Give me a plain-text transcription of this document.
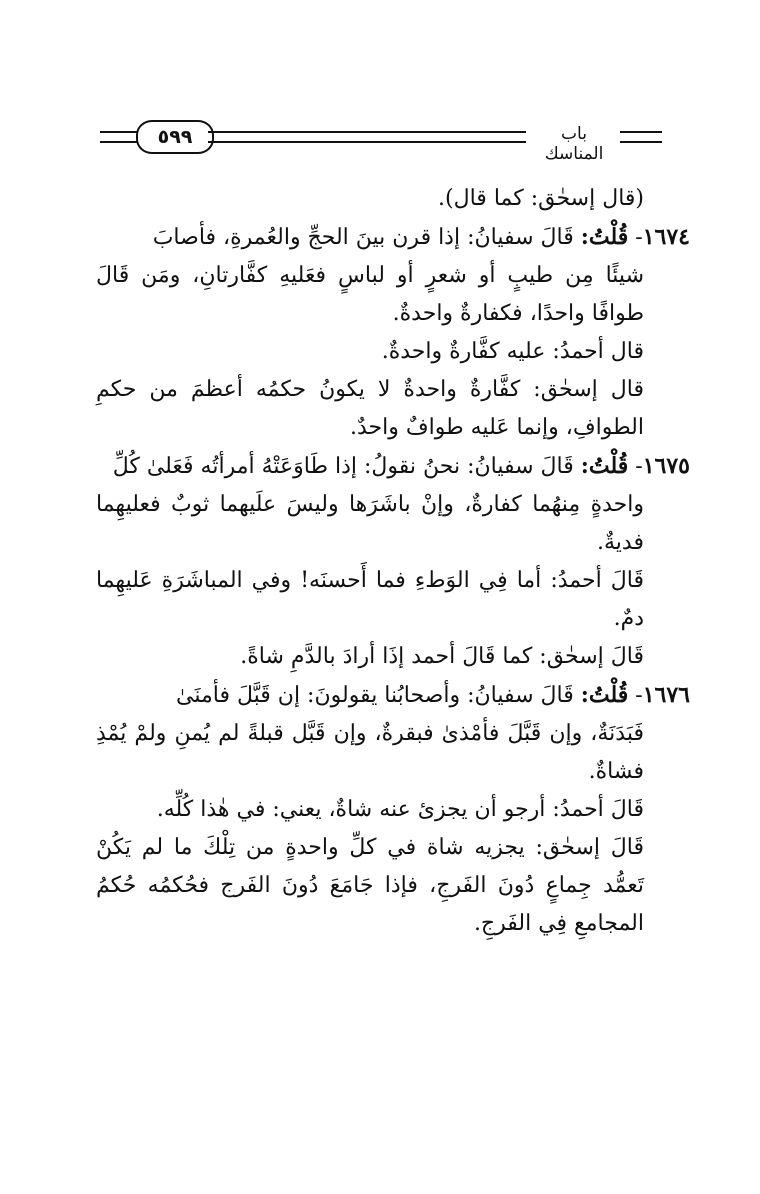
٥٩٩	باب المناسك

(قال إسحٰق: كما قال).

١٦٧٤- قُلْتُ: قَالَ سفيانُ: إذا قرن بينَ الحجِّ والعُمرةِ، فأصابَ
شيئًا مِن طيبٍ أو شعرٍ أو لباسٍ فعَليهِ كفَّارتانِ، ومَن قَالَ طوافًا واحدًا، فكفارةٌ واحدةٌ.

قال أحمدُ: عليه كفَّارةٌ واحدةٌ.

قال إسحٰق: كفَّارةٌ واحدةٌ لا يكونُ حكمُه أعظمَ من حكمِ الطوافِ، وإنما عَليه طوافٌ واحدٌ.

١٦٧٥- قُلْتُ: قَالَ سفيانُ: نحنُ نقولُ: إذا طَاوَعَتْهُ أمرأتُه فَعَلىٰ كُلِّ
واحدةٍ مِنهُما كفارةٌ، وإنْ باشَرَها وليسَ علَيهما ثوبٌ فعليهِما فديةٌ.

قَالَ أحمدُ: أما فِي الوَطءِ فما أَحسنَه! وفي المباشَرَةِ عَليهِما دمٌ.

قَالَ إسحٰق: كما قَالَ أحمد إذَا أرادَ بالدَّمِ شاةً.

١٦٧٦- قُلْتُ: قَالَ سفيانُ: وأصحابُنا يقولونَ: إن قَبَّلَ فأمنَىٰ
فَبَدَنَةٌ، وإن قَبَّلَ فأمْذىٰ فبقرةٌ، وإن قَبَّل قبلةً لم يُمنِ ولمْ يُمْذِ فشاةٌ.

قَالَ أحمدُ: أرجو أن يجزئ عنه شاةٌ، يعني: في هٰذا كُلِّه.

قَالَ إسحٰق: يجزيه شاة في كلِّ واحدةٍ من تِلْكَ ما لم يَكُنْ تَعمُّد جِماعٍ دُونَ الفَرجِ، فإذا جَامَعَ دُونَ الفَرج فحُكمُه حُكمُ المجامعِ فِي الفَرجِ.
